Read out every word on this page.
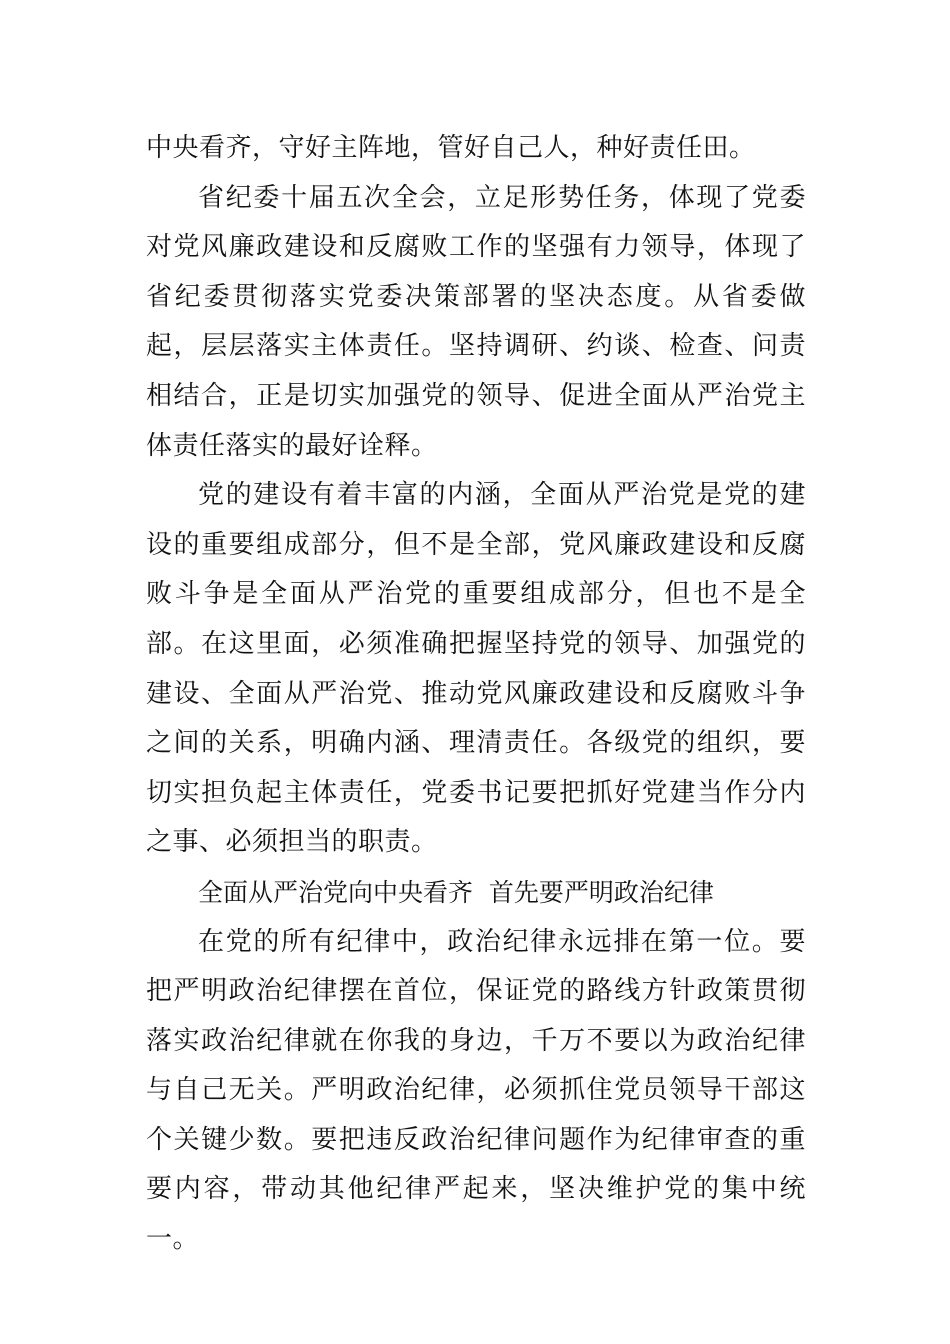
中央看齐，守好主阵地，管好自己人，种好责任田。

省纪委十届五次全会，立足形势任务，体现了党委对党风廉政建设和反腐败工作的坚强有力领导，体现了省纪委贯彻落实党委决策部署的坚决态度。从省委做起，层层落实主体责任。坚持调研、约谈、检查、问责相结合，正是切实加强党的领导、促进全面从严治党主体责任落实的最好诠释。

党的建设有着丰富的内涵，全面从严治党是党的建设的重要组成部分，但不是全部，党风廉政建设和反腐败斗争是全面从严治党的重要组成部分，但也不是全部。在这里面，必须准确把握坚持党的领导、加强党的建设、全面从严治党、推动党风廉政建设和反腐败斗争之间的关系，明确内涵、理清责任。各级党的组织，要切实担负起主体责任，党委书记要把抓好党建当作分内之事、必须担当的职责。

全面从严治党向中央看齐  首先要严明政治纪律

在党的所有纪律中，政治纪律永远排在第一位。要把严明政治纪律摆在首位，保证党的路线方针政策贯彻落实政治纪律就在你我的身边，千万不要以为政治纪律与自己无关。严明政治纪律，必须抓住党员领导干部这个关键少数。要把违反政治纪律问题作为纪律审查的重要内容，带动其他纪律严起来，坚决维护党的集中统一。
